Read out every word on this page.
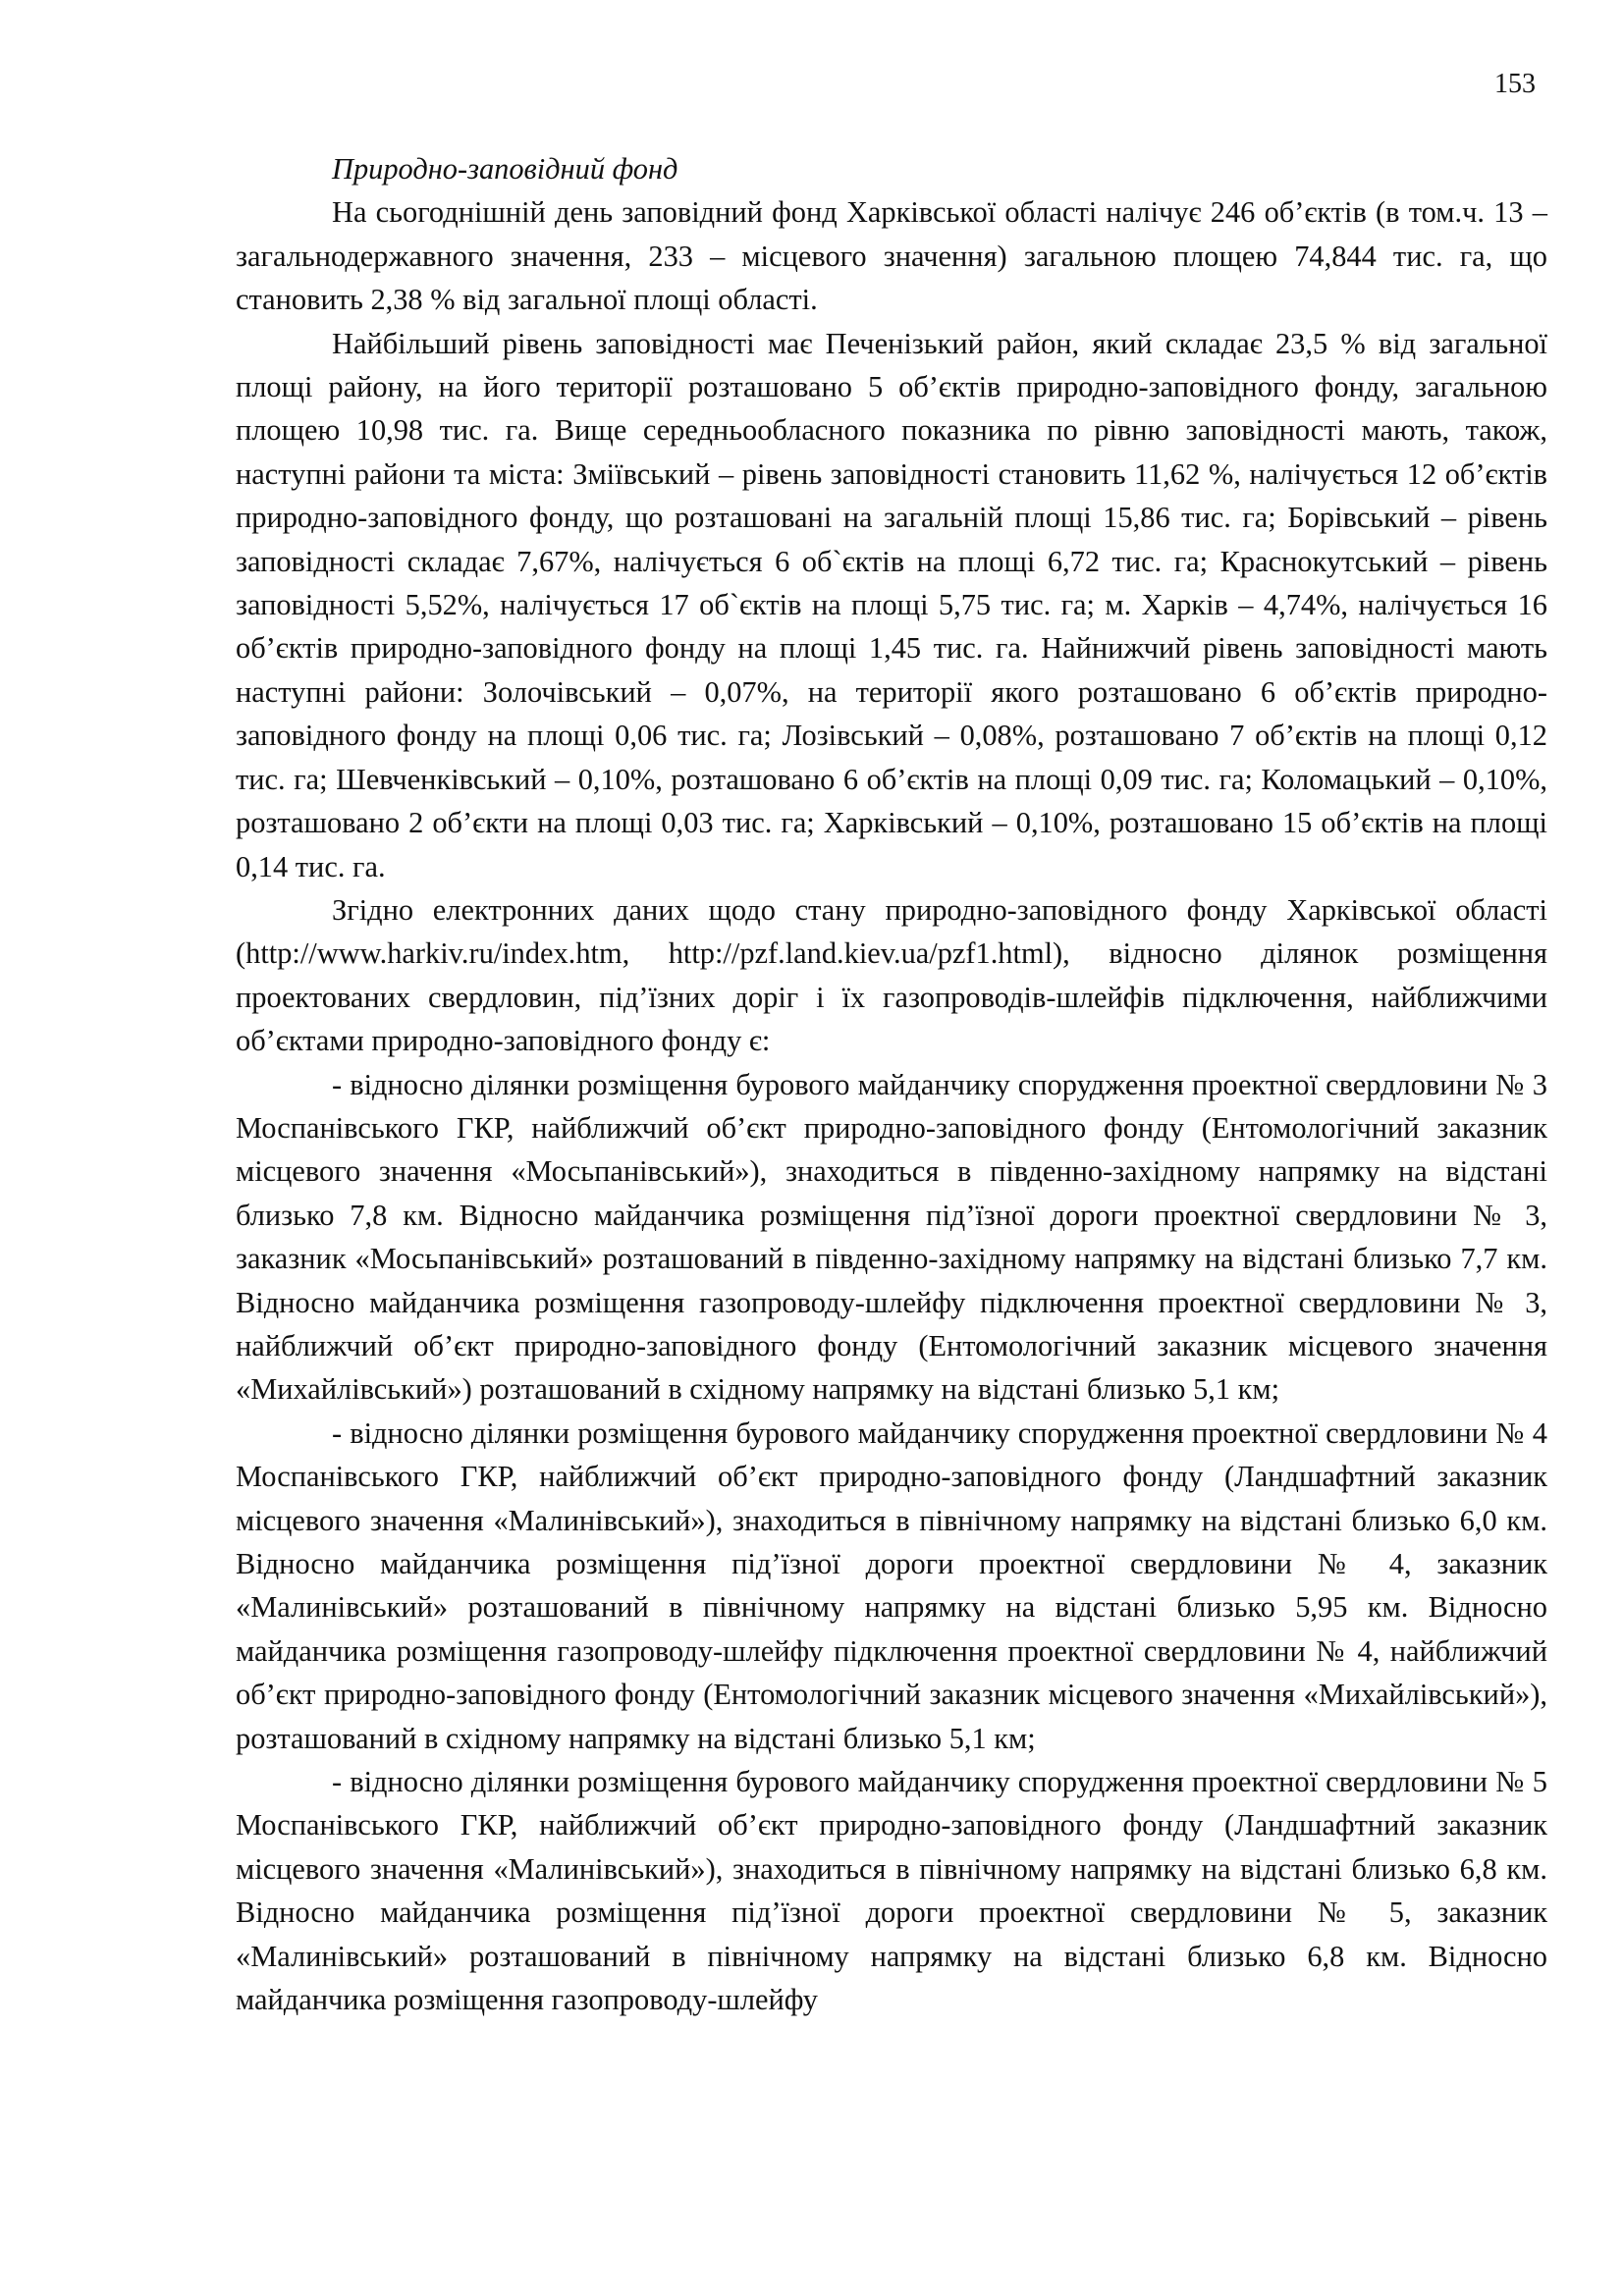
153

Природно-заповідний фонд

На сьогоднішній день заповідний фонд Харківської області налічує 246 об’єктів (в том.ч. 13 – загальнодержавного значення, 233 – місцевого значення) загальною площею 74,844 тис. га, що становить 2,38 % від загальної площі області.

Найбільший рівень заповідності має Печенізький район, який складає 23,5 % від загальної площі району, на його території розташовано 5 об’єктів природно-заповідного фонду, загальною площею 10,98 тис. га. Вище середньообласного показника по рівню заповідності мають, також, наступні райони та міста: Зміївський – рівень заповідності становить 11,62 %, налічується 12 об’єктів природно-заповідного фонду, що розташовані на загальній площі 15,86 тис. га; Борівський – рівень заповідності складає 7,67%, налічується 6 об`єктів на площі 6,72 тис. га; Краснокутський – рівень заповідності 5,52%, налічується 17 об`єктів на площі 5,75 тис. га; м. Харків – 4,74%, налічується 16 об’єктів природно-заповідного фонду на площі 1,45 тис. га. Найнижчий рівень заповідності мають наступні райони: Золочівський – 0,07%, на території якого розташовано 6 об’єктів природно-заповідного фонду на площі 0,06 тис. га; Лозівський – 0,08%, розташовано 7 об’єктів на площі 0,12 тис. га; Шевченківський – 0,10%, розташовано 6 об’єктів на площі 0,09 тис. га; Коломацький – 0,10%, розташовано 2 об’єкти на площі 0,03 тис. га; Харківський – 0,10%, розташовано 15 об’єктів на площі 0,14 тис. га.

Згідно електронних даних щодо стану природно-заповідного фонду Харківської області (http://www.harkiv.ru/index.htm, http://pzf.land.kiev.ua/pzf1.html), відносно ділянок розміщення проектованих свердловин, під’їзних доріг і їх газопроводів-шлейфів підключення, найближчими об’єктами природно-заповідного фонду є:

- відносно ділянки розміщення бурового майданчику спорудження проектної свердловини № 3 Моспанівського ГКР, найближчий об’єкт природно-заповідного фонду (Ентомологічний заказник місцевого значення «Мосьпанівський»), знаходиться в південно-західному напрямку на відстані близько 7,8 км. Відносно майданчика розміщення під’їзної дороги проектної свердловини № 3, заказник «Мосьпанівський» розташований в південно-західному напрямку на відстані близько 7,7 км. Відносно майданчика розміщення газопроводу-шлейфу підключення проектної свердловини № 3, найближчий об’єкт природно-заповідного фонду (Ентомологічний заказник місцевого значення «Михайлівський») розташований в східному напрямку на відстані близько 5,1 км;

- відносно ділянки розміщення бурового майданчику спорудження проектної свердловини № 4 Моспанівського ГКР, найближчий об’єкт природно-заповідного фонду (Ландшафтний заказник місцевого значення «Малинівський»), знаходиться в північному напрямку на відстані близько 6,0 км. Відносно майданчика розміщення під’їзної дороги проектної свердловини № 4, заказник «Малинівський» розташований в північному напрямку на відстані близько 5,95 км. Відносно майданчика розміщення газопроводу-шлейфу підключення проектної свердловини № 4, найближчий об’єкт природно-заповідного фонду (Ентомологічний заказник місцевого значення «Михайлівський»), розташований в східному напрямку на відстані близько 5,1 км;

- відносно ділянки розміщення бурового майданчику спорудження проектної свердловини № 5 Моспанівського ГКР, найближчий об’єкт природно-заповідного фонду (Ландшафтний заказник місцевого значення «Малинівський»), знаходиться в північному напрямку на відстані близько 6,8 км. Відносно майданчика розміщення під’їзної дороги проектної свердловини № 5, заказник «Малинівський» розташований в північному напрямку на відстані близько 6,8 км. Відносно майданчика розміщення газопроводу-шлейфу
